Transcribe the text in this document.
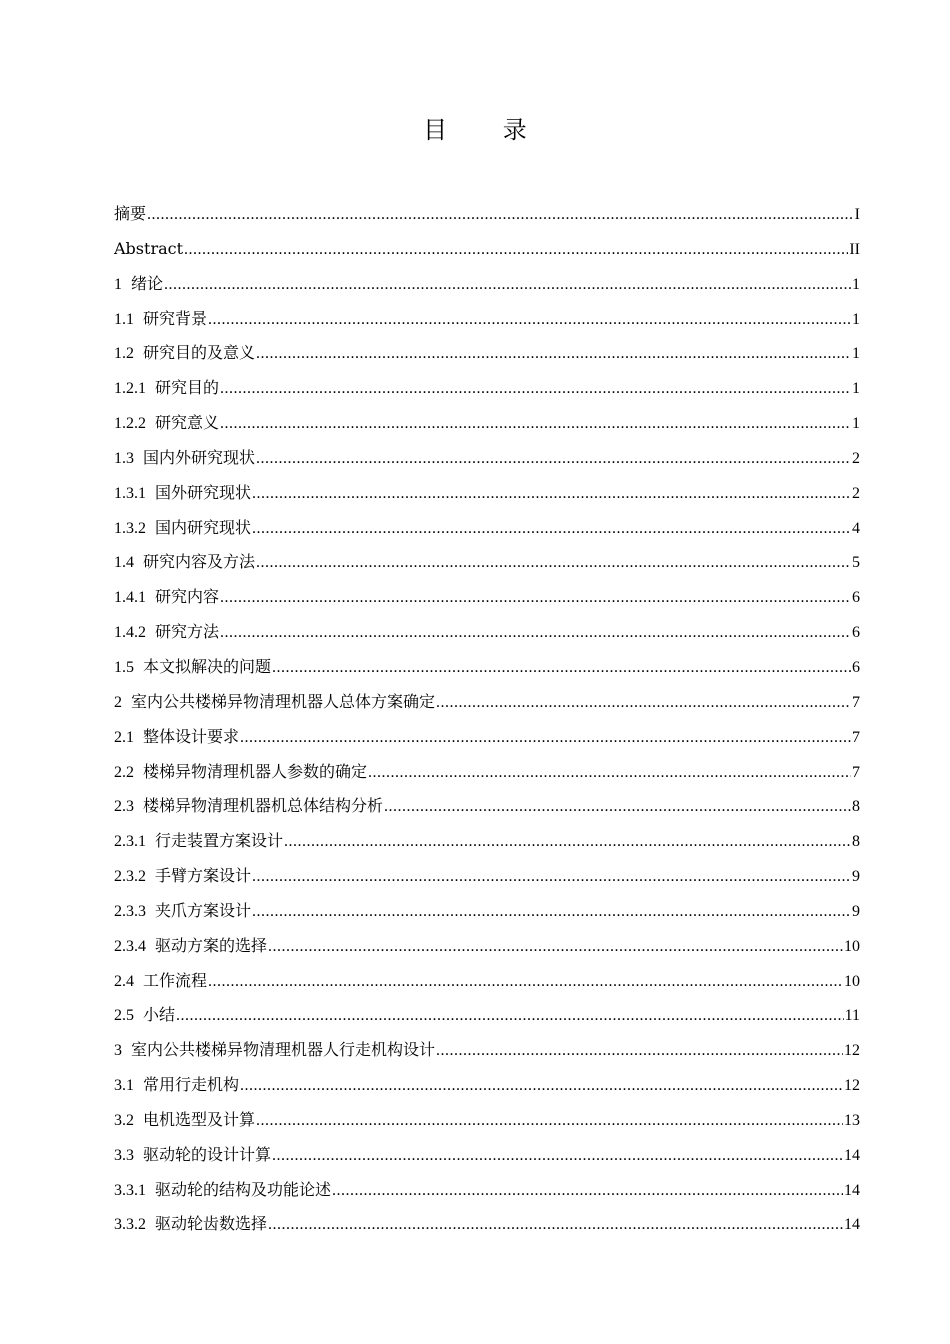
目 录
摘要 .....	I
Abstract .....	II
1 绪论 .....	1
1.1 研究背景 .....	1
1.2 研究目的及意义 .....	1
1.2.1 研究目的 .....	1
1.2.2 研究意义 .....	1
1.3 国内外研究现状 .....	2
1.3.1 国外研究现状 .....	2
1.3.2 国内研究现状 .....	4
1.4 研究内容及方法 .....	5
1.4.1 研究内容 .....	6
1.4.2 研究方法 .....	6
1.5 本文拟解决的问题 .....	6
2 室内公共楼梯异物清理机器人总体方案确定 .....	7
2.1 整体设计要求 .....	7
2.2 楼梯异物清理机器人参数的确定 .....	7
2.3 楼梯异物清理机器机总体结构分析 .....	8
2.3.1 行走装置方案设计 .....	8
2.3.2 手臂方案设计 .....	9
2.3.3 夹爪方案设计 .....	9
2.3.4 驱动方案的选择 .....	10
2.4 工作流程 .....	10
2.5 小结 .....	11
3 室内公共楼梯异物清理机器人行走机构设计 .....	12
3.1 常用行走机构 .....	12
3.2 电机选型及计算 .....	13
3.3 驱动轮的设计计算 .....	14
3.3.1 驱动轮的结构及功能论述 .....	14
3.3.2 驱动轮齿数选择 .....	14
